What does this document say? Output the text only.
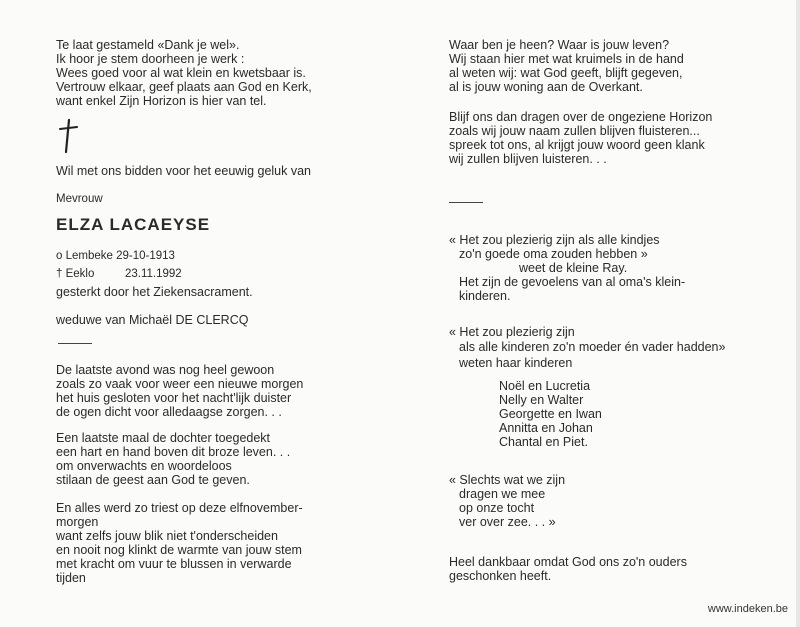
Te laat gestameld «Dank je wel».
Ik hoor je stem doorheen je werk :
Wees goed voor al wat klein en kwetsbaar is.
Vertrouw elkaar, geef plaats aan God en Kerk,
want enkel Zijn Horizon is hier van tel.
Wil met ons bidden voor het eeuwig geluk van
Mevrouw
ELZA LACAEYSE
o Lembeke 29-10-1913
† Eeklo	23.11.1992
gesterkt door het Ziekensacrament.
weduwe van Michaël DE CLERCQ
De laatste avond was nog heel gewoon
zoals zo vaak voor weer een nieuwe morgen
het huis gesloten voor het nacht'lijk duister
de ogen dicht voor alledaagse zorgen. . .
Een laatste maal de dochter toegedekt
een hart en hand boven dit broze leven. . .
om onverwachts en woordeloos
stilaan de geest aan God te geven.
En alles werd zo triest op deze elfnovember-
morgen
want zelfs jouw blik niet t'onderscheiden
en nooit nog klinkt de warmte van jouw stem
met kracht om vuur te blussen in verwarde
tijden
Waar ben je heen? Waar is jouw leven?
Wij staan hier met wat kruimels in de hand
al weten wij: wat God geeft, blijft gegeven,
al is jouw woning aan de Overkant.
Blijf ons dan dragen over de ongeziene Horizon
zoals wij jouw naam zullen blijven fluisteren...
spreek tot ons, al krijgt jouw woord geen klank
wij zullen blijven luisteren. . .
« Het zou plezierig zijn als alle kindjes
zo'n goede oma zouden hebben »
weet de kleine Ray.
Het zijn de gevoelens van al oma's klein-
kinderen.
« Het zou plezierig zijn
als alle kinderen zo'n moeder én vader hadden»
weten haar kinderen
Noël en Lucretia
Nelly en Walter
Georgette en Iwan
Annitta en Johan
Chantal en Piet.
« Slechts wat we zijn
dragen we mee
op onze tocht
ver over zee. . . »
Heel dankbaar omdat God ons zo'n ouders
geschonken heeft.
www.indeken.be
